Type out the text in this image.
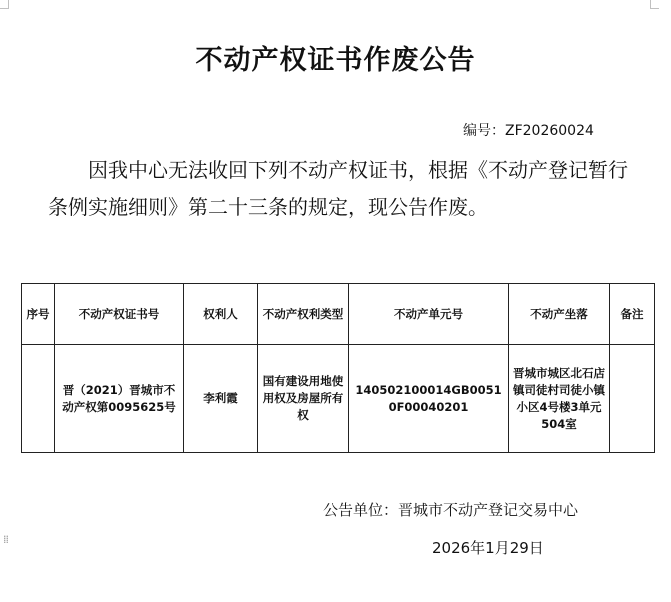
不动产权证书作废公告
编号：ZF20260024
因我中心无法收回下列不动产权证书，根据《不动产登记暂行条例实施细则》第二十三条的规定，现公告作废。
序号	不动产权证书号	权利人	不动产权利类型	不动产单元号	不动产坐落	备注
	晋（2021）晋城市不动产权第0095625号	李利霞	国有建设用地使用权及房屋所有权	140502100014GB00510F00040201	晋城市城区北石店镇司徒村司徒小镇小区4号楼3单元504室	
公告单位：晋城市不动产登记交易中心
2026年1月29日
⁞⁞
